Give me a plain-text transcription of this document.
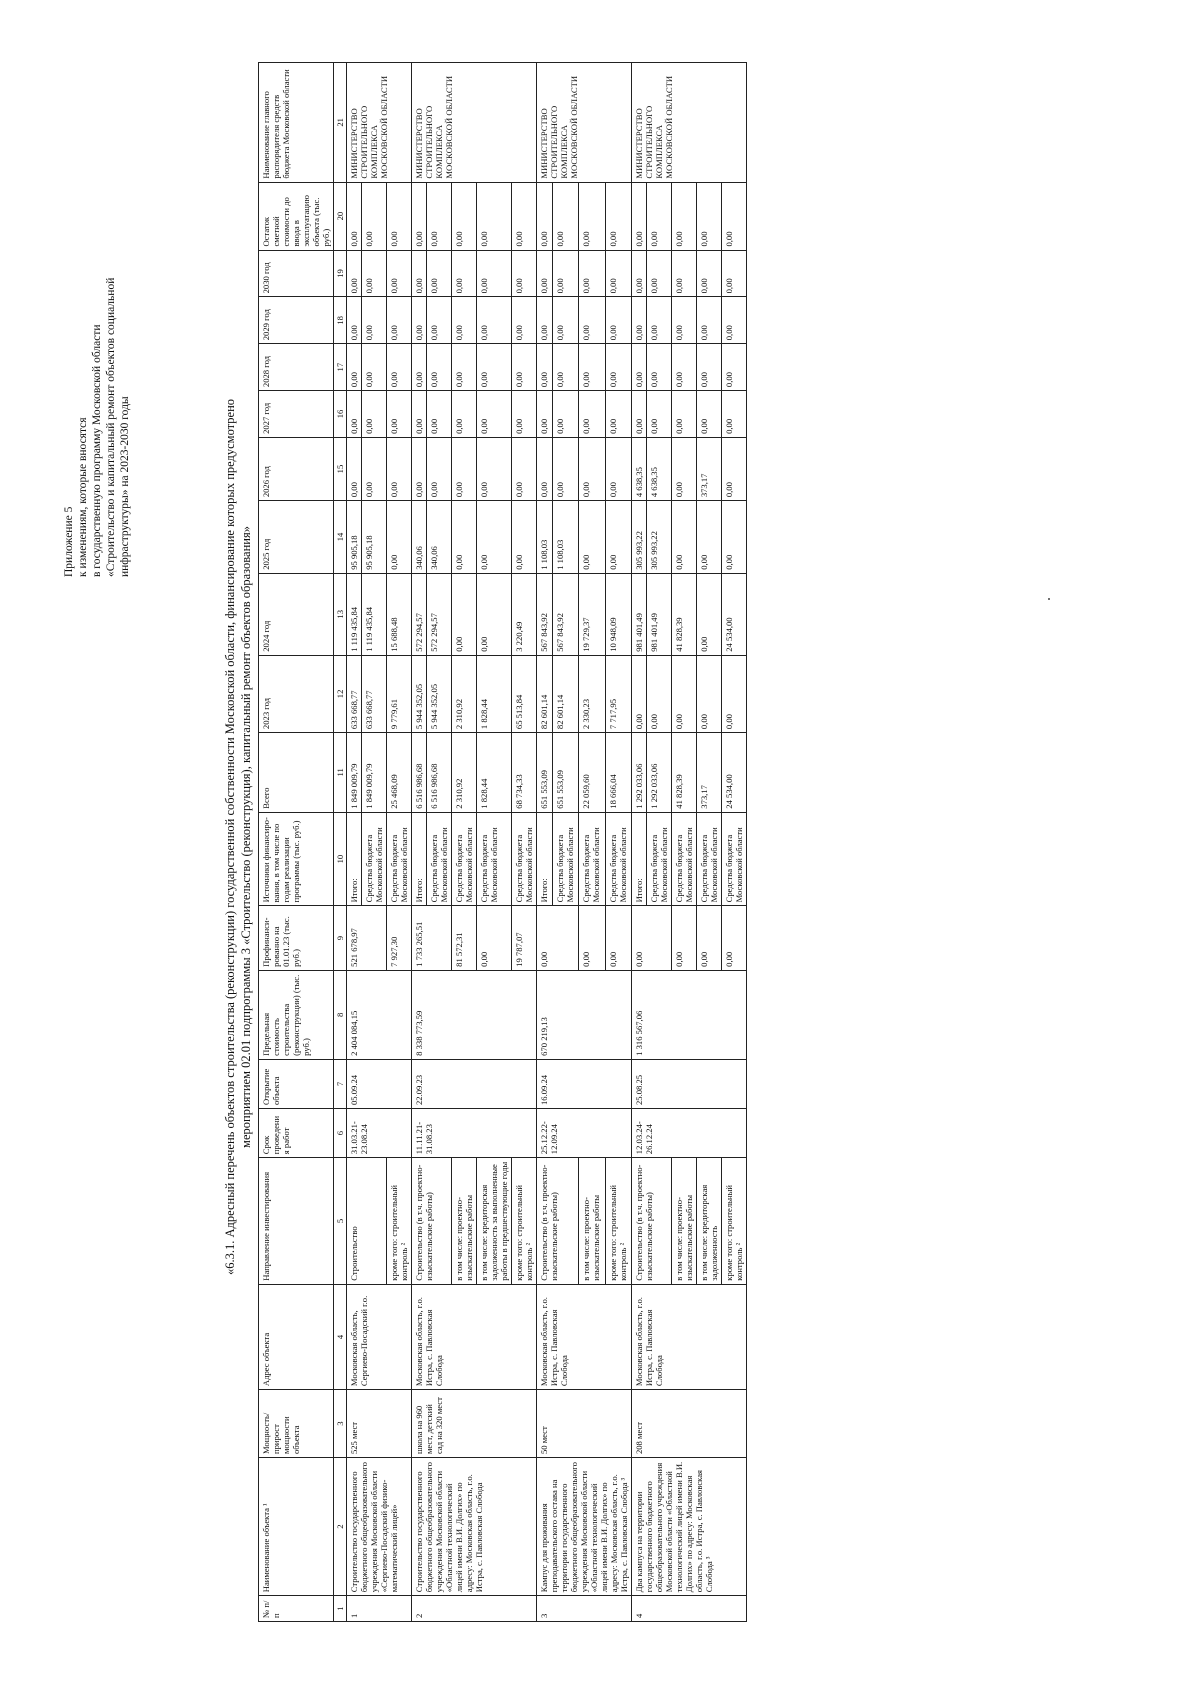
Приложение 5 к изменениям, которые вносятся в государственную программу Московской области «Строительство и капитальный ремонт объектов социальной инфраструктуры» на 2023-2030 годы	«6.3.1. Адресный перечень объектов строительства (реконструкции) государственной собственности Московской области, финансирование которых предусмотрено мероприятием 02.01 подпрограммы 3 «Строительство (реконструкция), капитальный ремонт объектов образования»
№ п/п	Наименование объекта ¹	Мощность/ прирост мощности объекта	Адрес объекта	Направление инвестирования	Срок проведения работ	Открытие объекта	Предельная стоимость строительства (реконструкции) (тыс. руб.)	Профинанси-рованно на 01.01.23 (тыс. руб.)	Источники финансиро-вания, в том числе по годам реализации программы (тыс. руб.)	Всего	2023 год	2024 год	2025 год	2026 год	2027 год	2028 год	2029 год	2030 год	Остаток сметной стоимости до ввода в эксплуатацию объекта (тыс. руб.)	Наименование главного распорядителя средств бюджета Московской области
1	2	3	4	5	6	7	8	9	10	11	12	13	14	15	16	17	18	19	20	21
1	Строительство государственного бюджетного общеобразовательного учреждения Московской области «Сергиево-Посадский физико-математический лицей»	525 мест	Московская область, Сергиево-Посадский г.о.	Строительство	31.03.21-23.08.24	05.09.24	2 404 084,15	521 678,97	Итого:	1 849 009,79	633 668,77	1 119 435,84	95 905,18	0,00	0,00	0,00	0,00	0,00	0,00	МИНИСТЕРСТВО СТРОИТЕЛЬНОГО КОМПЛЕКСА МОСКОВСКОЙ ОБЛАСТИ
									Средства бюджета Московской области	1 849 009,79	633 668,77	1 119 435,84	95 905,18	0,00	0,00	0,00	0,00	0,00	0,00	
				кроме того: строительный контроль ²				7 927,30	Средства бюджета Московской области	25 468,09	9 779,61	15 688,48	0,00	0,00	0,00	0,00	0,00	0,00	0,00	
2	Строительство государственного бюджетного общеобразовательного учреждения Московской области «Областной технологический лицей имени В.И. Долгих» по адресу: Московская область, г.о. Истра, с. Павловская Слобода	школа на 960 мест, детский сад на 320 мест	Московская область, г.о. Истра, с. Павловская Слобода	Строительство (в т.ч. проектно-изыскательские работы)	11.11.21-31.08.23	22.09.23	8 338 773,59	1 733 265,51	Итого:	6 516 986,68	5 944 352,05	572 294,57	340,06	0,00	0,00	0,00	0,00	0,00	0,00	МИНИСТЕРСТВО СТРОИТЕЛЬНОГО КОМПЛЕКСА МОСКОВСКОЙ ОБЛАСТИ
									Средства бюджета Московской области	6 516 986,68	5 944 352,05	572 294,57	340,06	0,00	0,00	0,00	0,00	0,00	0,00	
				в том числе: проектно-изыскательские работы				81 572,31	Средства бюджета Московской области	2 310,92	2 310,92	0,00	0,00	0,00	0,00	0,00	0,00	0,00	0,00	
				в том числе: кредиторская задолженность за выполненные работы в предшествующие годы				0,00	Средства бюджета Московской области	1 828,44	1 828,44	0,00	0,00	0,00	0,00	0,00	0,00	0,00	0,00	
				кроме того: строительный контроль ²				19 787,07	Средства бюджета Московской области	68 734,33	65 513,84	3 220,49	0,00	0,00	0,00	0,00	0,00	0,00	0,00	
3	Кампус для проживания преподавательского состава на территории государственного бюджетного общеобразовательного учреждения Московской области «Областной технологический лицей имени В.И. Долгих» по адресу: Московская область, г.о. Истра, с. Павловская Слобода ³	50 мест	Московская область, г.о. Истра, с. Павловская Слобода	Строительство (в т.ч. проектно-изыскательские работы)	25.12.22-12.09.24	16.09.24	670 219,13	0,00	Итого:	651 553,09	82 601,14	567 843,92	1 108,03	0,00	0,00	0,00	0,00	0,00	0,00	МИНИСТЕРСТВО СТРОИТЕЛЬНОГО КОМПЛЕКСА МОСКОВСКОЙ ОБЛАСТИ
									Средства бюджета Московской области	651 553,09	82 601,14	567 843,92	1 108,03	0,00	0,00	0,00	0,00	0,00	0,00	
				в том числе: проектно-изыскательские работы				0,00	Средства бюджета Московской области	22 059,60	2 330,23	19 729,37	0,00	0,00	0,00	0,00	0,00	0,00	0,00	
				кроме того: строительный контроль ²				0,00	Средства бюджета Московской области	18 666,04	7 717,95	10 948,09	0,00	0,00	0,00	0,00	0,00	0,00	0,00	
4	Два кампуса на территории государственного бюджетного общеобразовательного учреждения Московской области «Областной технологический лицей имени В.И. Долгих» по адресу: Московская область, г.о. Истра, с. Павловская Слобода ³	208 мест	Московская область, г.о. Истра, с. Павловская Слобода	Строительство (в т.ч. проектно-изыскательские работы)	12.03.24-26.12.24	25.08.25	1 316 567,06	0,00	Итого:	1 292 033,06	0,00	981 401,49	305 993,22	4 638,35	0,00	0,00	0,00	0,00	0,00	МИНИСТЕРСТВО СТРОИТЕЛЬНОГО КОМПЛЕКСА МОСКОВСКОЙ ОБЛАСТИ
									Средства бюджета Московской области	1 292 033,06	0,00	981 401,49	305 993,22	4 638,35	0,00	0,00	0,00	0,00	0,00	
				в том числе: проектно-изыскательские работы				0,00	Средства бюджета Московской области	41 828,39	0,00	41 828,39	0,00	0,00	0,00	0,00	0,00	0,00	0,00	
				в том числе: кредиторская задолженность				0,00	Средства бюджета Московской области	373,17	0,00	0,00	0,00	373,17	0,00	0,00	0,00	0,00	0,00	
				кроме того: строительный контроль ²				0,00	Средства бюджета Московской области	24 534,00	0,00	24 534,00	0,00	0,00	0,00	0,00	0,00	0,00	0,00	
